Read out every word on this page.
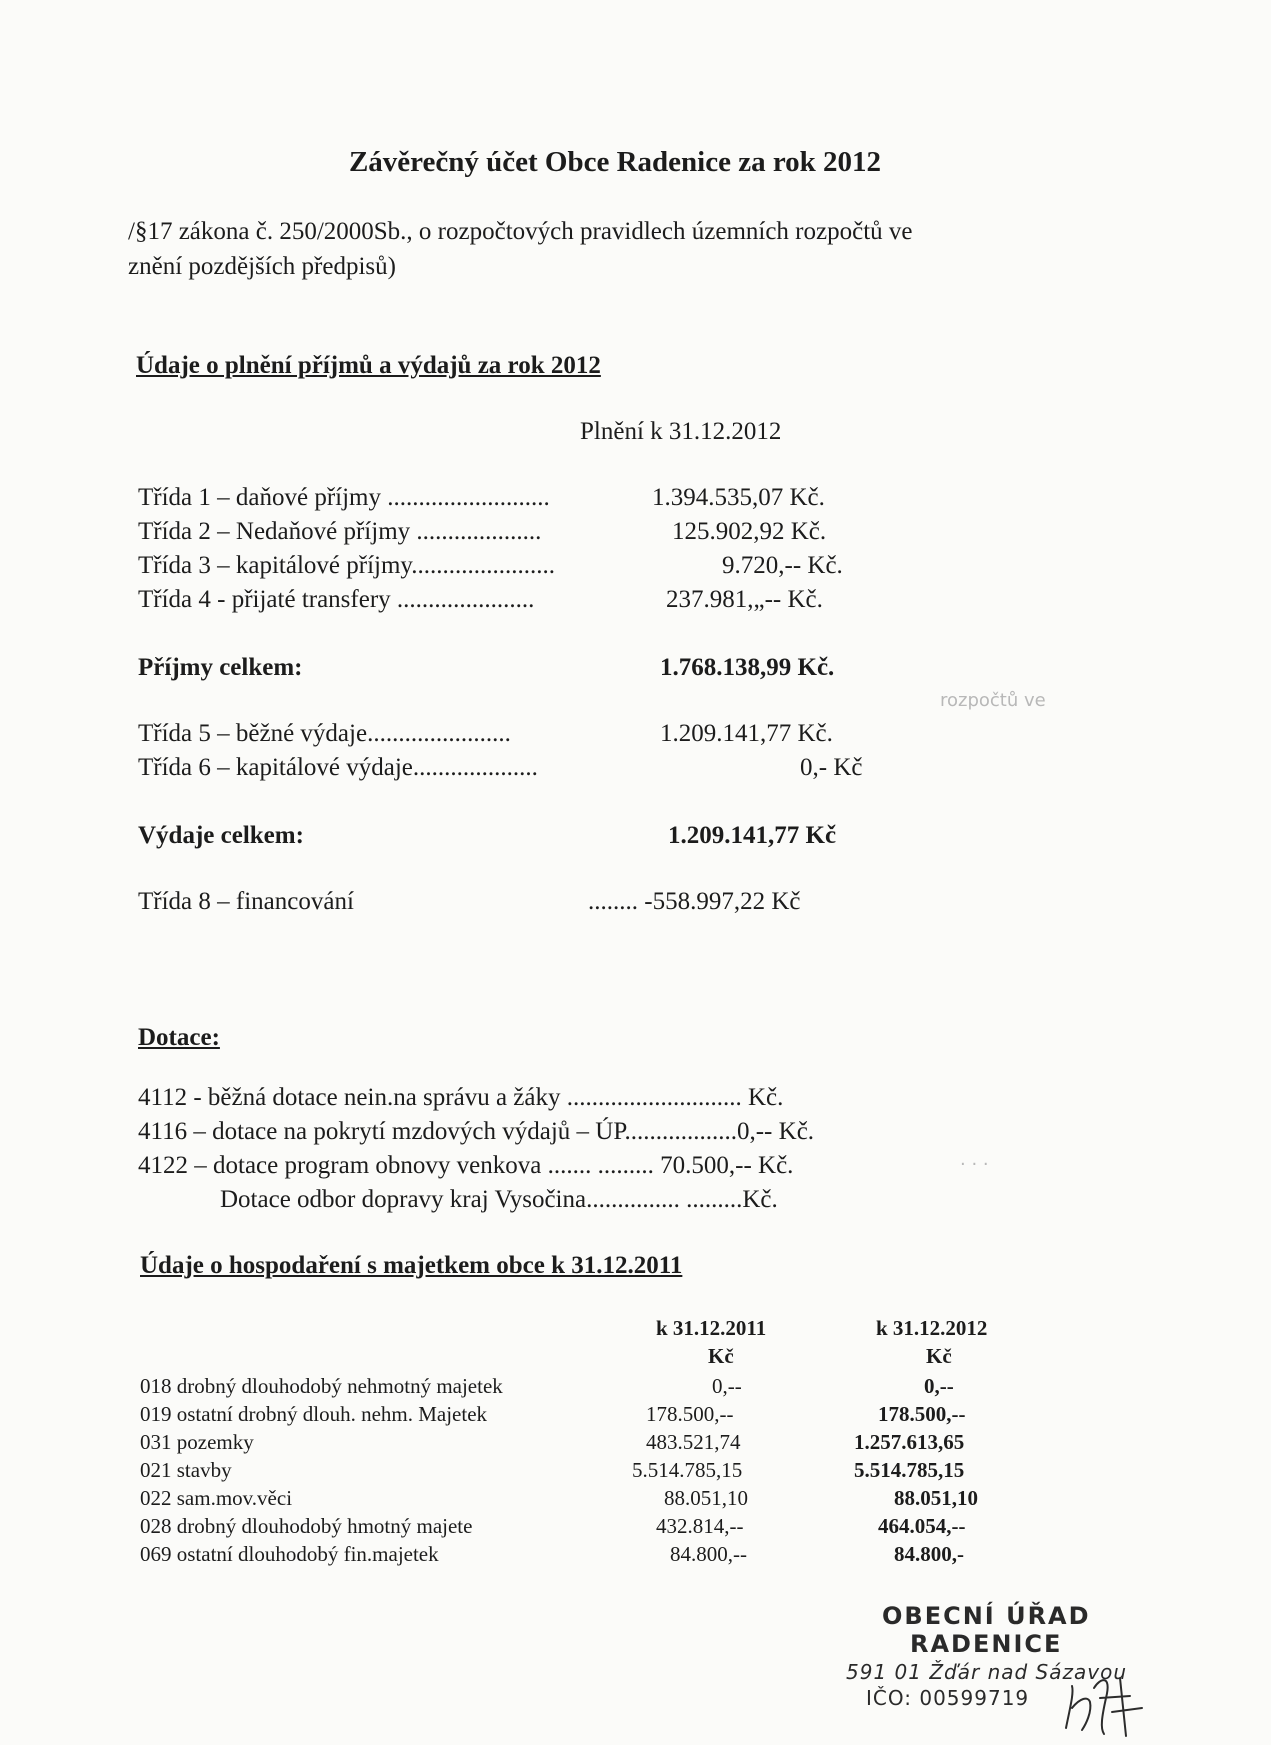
Závěrečný účet Obce Radenice za rok 2012
/§17 zákona č. 250/2000Sb., o rozpočtových pravidlech územních rozpočtů ve
znění pozdějších předpisů)
Údaje o plnění příjmů a výdajů za rok 2012
Plnění k 31.12.2012
Třída 1 – daňové příjmy ..........................	1.394.535,07 Kč.
Třída 2 – Nedaňové příjmy ....................	125.902,92 Kč.
Třída 3 – kapitálové příjmy.......................	9.720,-- Kč.
Třída 4 - přijaté transfery ......................	237.981,„-- Kč.
Příjmy celkem:	1.768.138,99 Kč.
rozpočtů ve
Třída 5 – běžné výdaje.......................	1.209.141,77 Kč.
Třída 6 – kapitálové výdaje....................	0,- Kč
Výdaje celkem:	1.209.141,77 Kč
Třída 8 – financování	........ -558.997,22 Kč
Dotace:
4112 - běžná dotace nein.na správu a žáky ............................ Kč.
4116 – dotace na pokrytí mzdových výdajů – ÚP..................0,-- Kč.
4122 – dotace program obnovy venkova ....... ......... 70.500,-- Kč.	· · ·
Dotace odbor dopravy kraj Vysočina............... .........Kč.
Údaje o hospodaření s majetkem obce k 31.12.2011
k 31.12.2011	k 31.12.2012
Kč	Kč
018 drobný dlouhodobý nehmotný majetek	0,--	0,--
019 ostatní drobný dlouh. nehm. Majetek	178.500,--	178.500,--
031 pozemky	483.521,74	1.257.613,65
021 stavby	5.514.785,15	5.514.785,15
022 sam.mov.věci	88.051,10	88.051,10
028 drobný dlouhodobý hmotný majete	432.814,--	464.054,--
069 ostatní dlouhodobý fin.majetek	84.800,--	84.800,-
OBECNÍ ÚŘAD
RADENICE
591 01 Žďár nad Sázavou
IČO: 00599719
